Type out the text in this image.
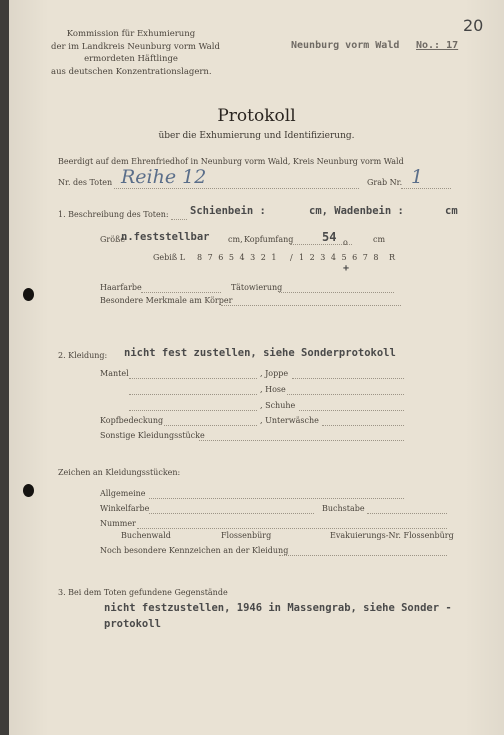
Kommission für Exhumierung
der im Landkreis Neunburg vorm Wald
ermordeten Häftlinge
aus deutschen Konzentrationslagern.
Neunburg vorm Wald No.: 17
20
Protokoll
über die Exhumierung und Identifizierung.
Beerdigt auf dem Ehrenfriedhof in Neunburg vorm Wald, Kreis Neunburg vorm Wald
Nr. des Toten Reihe 12	Grab Nr. 1
1. Beschreibung des Toten: Schienbein :	cm, Wadenbein :	cm
Größe
n.feststellbar cm, Kopfumfang 54 o	cm
Gebiß L 8 7 6 5 4 3 2 1 / 1 2 3 4 5 6 7 8 R
+
Haarfarbe	Tätowierung
Besondere Merkmale am Körper
2. Kleidung: nicht fest zustellen, siehe Sonderprotokoll
Mantel	, Joppe
, Hose
, Schuhe
Kopfbedeckung	, Unterwäsche
Sonstige Kleidungsstücke
Zeichen an Kleidungsstücken:
Allgemeine
Winkelfarbe	Buchstabe
Nummer
Buchenwald	Flossenbürg	Evakuierungs-Nr. Flossenbürg
Noch besondere Kennzeichen an der Kleidung
3. Bei dem Toten gefundene Gegenstände
nicht festzustellen, 1946 in Massengrab, siehe Sonder -
protokoll
